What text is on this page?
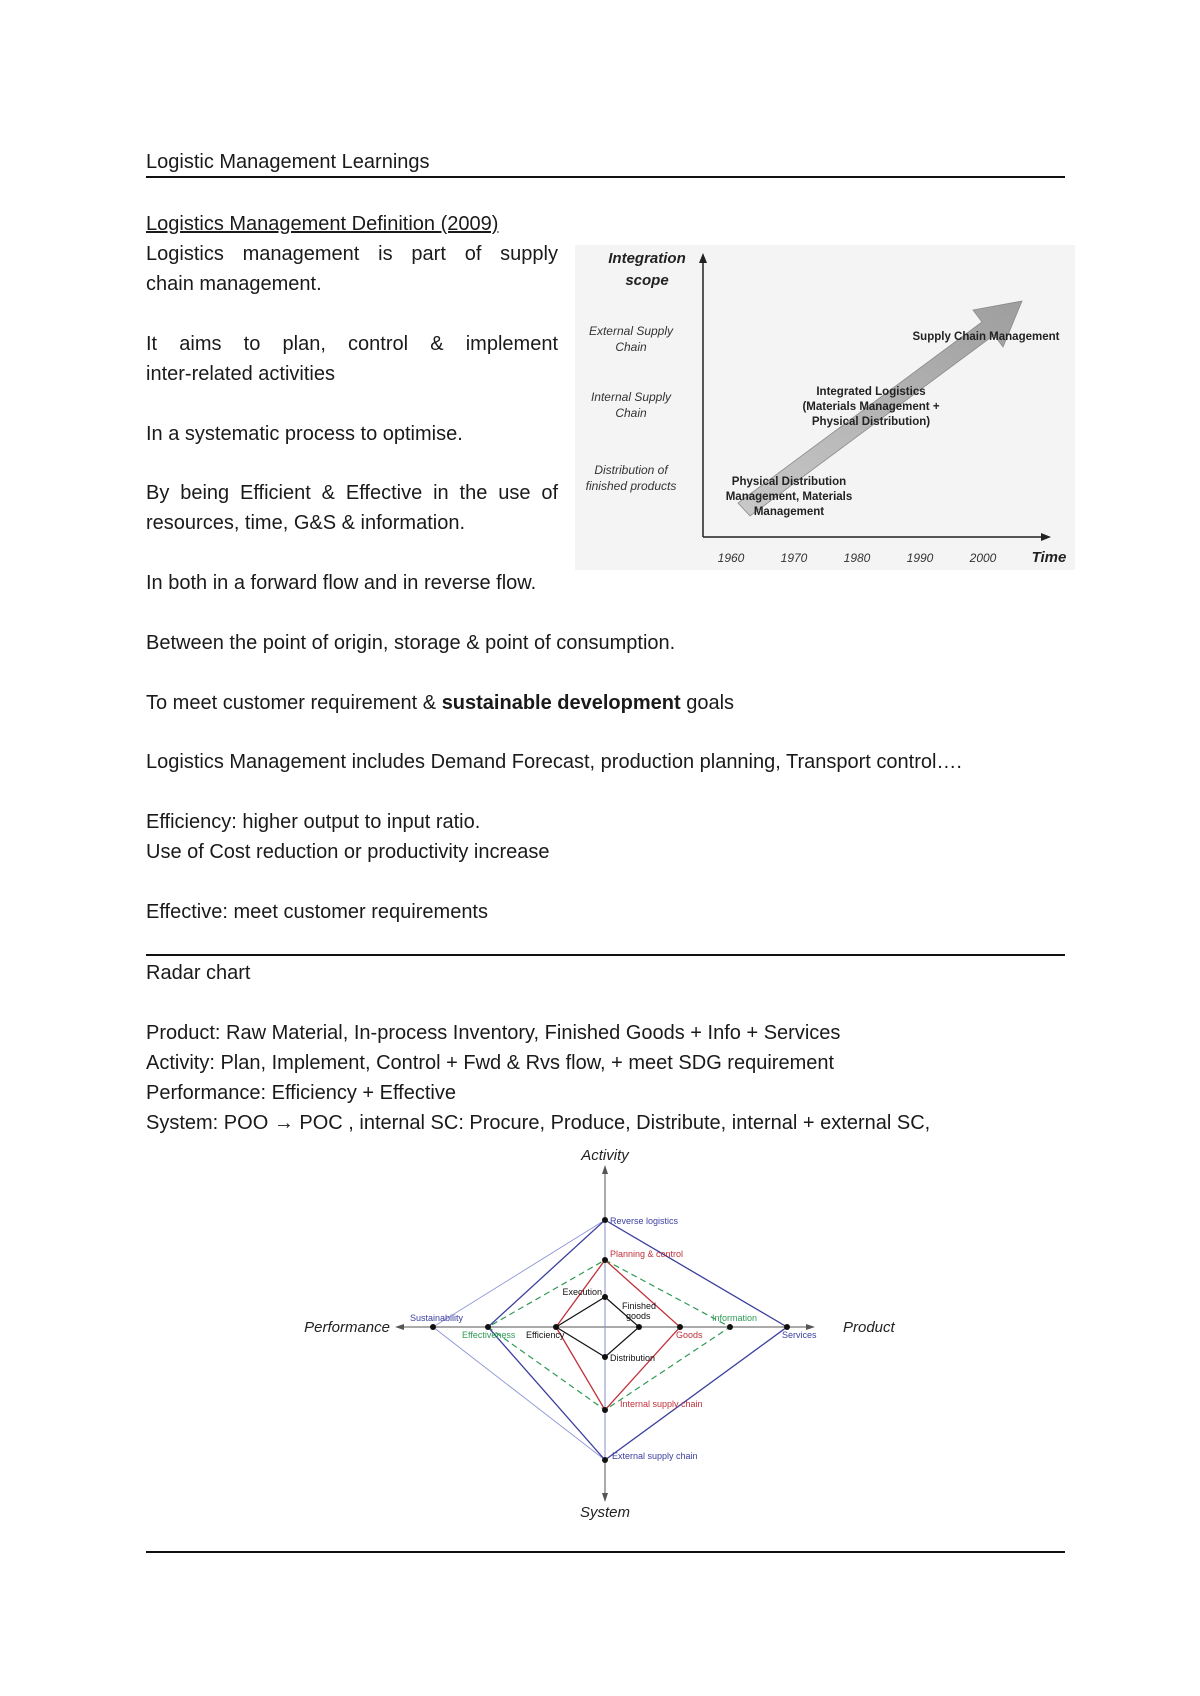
Logistic Management Learnings
Logistics Management Definition (2009)
Logistics management is part of supply
chain management.
It aims to plan, control & implement
inter-related activities
In a systematic process to optimise.
By being Efficient & Effective in the use of
resources, time, G&S & information.
In both in a forward flow and in reverse flow.
Between the point of origin, storage & point of consumption.
To meet customer requirement & sustainable development goals
Logistics Management includes Demand Forecast, production planning, Transport control….
Efficiency: higher output to input ratio.
Use of Cost reduction or productivity increase
Effective: meet customer requirements
Radar chart
Product: Raw Material, In-process Inventory, Finished Goods + Info + Services
Activity: Plan, Implement, Control + Fwd & Rvs flow, + meet SDG requirement
Performance: Efficiency + Effective
System: POO → POC , internal SC: Procure, Produce, Distribute, internal + external SC,
Integration
scope
External Supply
Chain
Internal Supply
Chain
Distribution of
finished products
1960	1970	1980	1990	2000 Time
Physical Distribution
Management, Materials
Management
Integrated Logistics
(Materials Management +
Physical Distribution)
Supply Chain Management
Activity
System
Performance	Product
Reverse logistics
Planning & control
Execution
Finished
goods
Distribution
Internal supply chain
External supply chain
Sustainability
Effectiveness Efficiency
Information
Goods	Services
